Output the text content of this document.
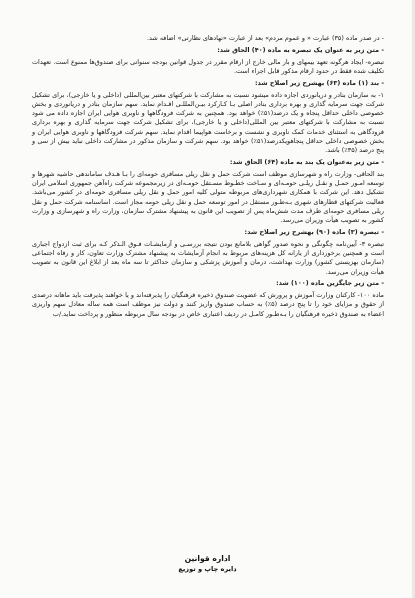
- در صدر ماده (۳۵) عبارت « و عموم مردم» بعد از عبارت «نهادهای نظارتی» اضافه شد.

- متن زیر به عنوان یک تبصره به ماده (۴۰) الحاق شد:

تبصره- ایجاد هرگونه تعهد بیمهای و بار مالی خارج از ارقام مقرر در جدول قوانین بودجه سنواتی برای صندوق‌ها ممنوع است. تعهدات تکلیف شده فقط در حدود ارقام مذکور قابل اجراء است.

- بند (۱) ماده (۶۳) بهشرح زیر اصلاح شد:

۱- به سازمان بنادر و دریانوردی اجازه داده میشود نسبت به مشارکت با شرکتهای معتبر بین‌المللی (داخلی و یا خارجی)، برای تشکیل شرکت جهت سرمایه گذاری و بهره برداری بنادر اصلی بـا کـارکرد بیـن‌المللـی اقـدام نماید. سهم سازمان بنادر و دریانوردی و بخش خصوصی داخلی حداقل پنجاه و یک درصد(۵۱٪) خواهد بود. همچنین به شرکت فرودگاهها و ناوبری هوایی ایران اجازه داده می شود نسبت به مشارکت با شرکتهای معتبر بین المللی(داخلی و یا خارجی)، برای تشکیل شرکت جهت سرمایه گذاری و بهره برداری فرودگاهی به استثنای خدمات کمک ناوبری و نشست و برخاست هواپیما اقدام نماید. سهم شرکت فرودگاهها و ناوبری هوایی ایران و بخش خصوصی داخلی حداقل پنجاهویکدرصد(۵۱٪) خواهد بود. سهم شرکت و سازمان مذکور در مشارکت داخلی نباید بیش از سی و پنج درصد (۳۵٪) باشد.

- متن زیر به‌عنوان یک بند به ماده (۶۴) الحاق شد:

بند الحاقی- وزارت راه و شهرسازی موظف است شرکت حمل و نقل ریلی مسافری حومه‌ای را بـا هـدف ساماندهی حاشیه شهرها و توسعه امـور حمـل و نقـل ریلـی حومـه‌ای و سـاخت خطـوط مسـتقل حومـه‌ای در زیرمجموعه شرکت راه‌آهن جمهوری اسلامی ایران تشکیل دهد. این شرکت با همکاری شهرداری‌های مربوطه متولی کلیه امور حمل و نقل ریلی مسافری حومه‌ای در کشور می‌باشد. فعالیت شرکتهای قطارهای شهری بـه‌طـور مستقل در امور توسعه حمل و نقل ریلی حومه مجاز است. اساسنامه شرکت حمل و نقل ریلی مسافری حومه‌ای ظرف مدت شش‌ماه پس از تصویب این قانون به پیشنهاد مشترک سازمان، وزارت راه و شهرسازی و وزارت کشور به تصویب هیأت وزیران می‌رسد.

- تبصره (۳) ماده (۹۰) بهشرح زیر اصلاح شد:

تبصره ۳- آیین‌نامه چگونگی و نحوه صدور گواهی بلامانع بودن نتیجه بررسـی و آزمایشـات فـوق الـذکر کـه برای ثبت ازدواج اجباری است و همچنین برخورداری از یارانه کل هزینه‌های مربوط به انجام آزمایشات به پیشنهاد مشترک وزارت تعاون، کار و رفاه اجتماعی (سازمان بهزیستی کشور) وزارت بهداشت، درمان و آموزش پزشکی و سازمان حداکثر تا سه ماه بعد از ابلاغ این قانون به تصویب هیأت وزیران می‌رسد.

- متن زیر جایگزین ماده (۱۰۰) شد:

ماده ۱۰۰- کارکنان وزارت آموزش و پرورش که عضویت صندوق ذخیره فرهنگیان را پذیرفته‌اند و یا خواهند پذیرفت باید ماهانه درصدی از حقوق و مزایای خود را تا پنج درصد (۵٪) به حساب صندوق واریز کنند و دولت نیز موظف است همه ساله معادل سهم واریزی اعضاء به صندوق ذخیره فرهنگیان را بـه‌طـور کامـل در ردیف اعتباری خاص در بودجه سال مربوطه منظور و پرداخت نماید./ب

اداره قوانین
دایره چاپ و توزیع
